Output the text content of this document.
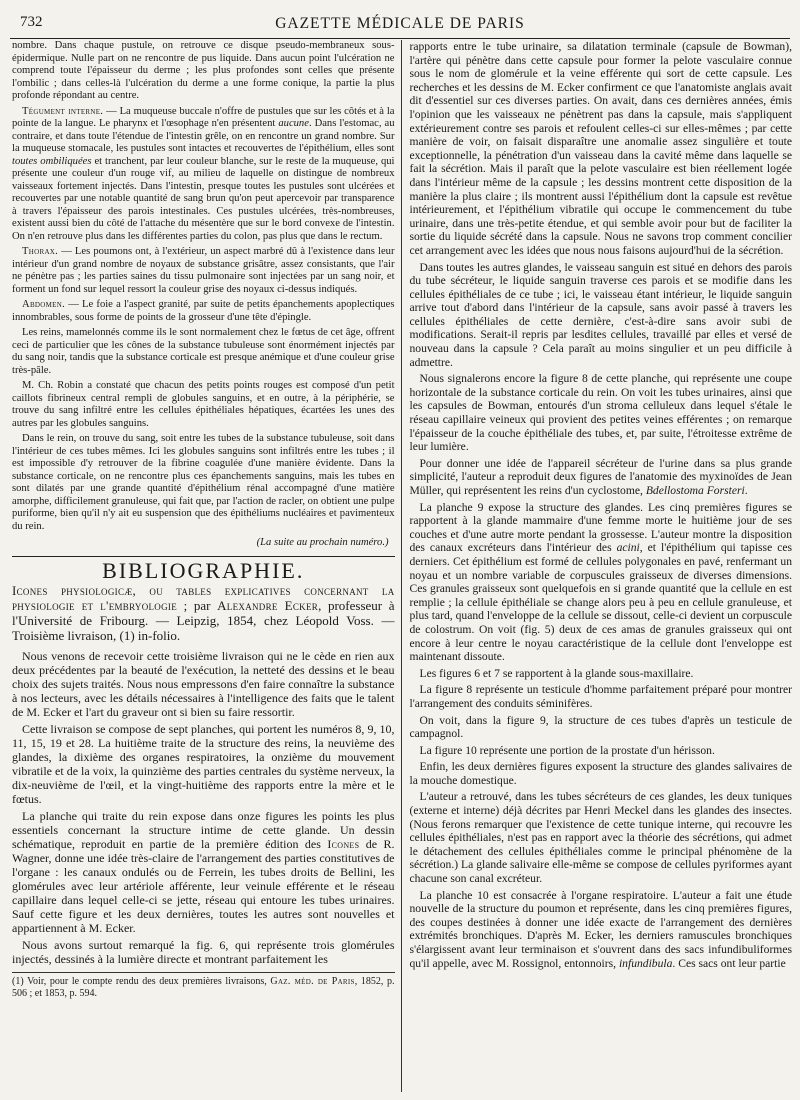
732	GAZETTE MÉDICALE DE PARIS

nombre. Dans chaque pustule, on retrouve ce disque pseudo-membraneux sous-épidermique. Nulle part on ne rencontre de pus liquide. Dans aucun point l'ulcération ne comprend toute l'épaisseur du derme ; les plus profondes sont celles que présente l'ombilic ; dans celles-là l'ulcération du derme a une forme conique, la partie la plus profonde répondant au centre.

Tégument interne. — La muqueuse buccale n'offre de pustules que sur les côtés et à la pointe de la langue. Le pharynx et l'œsophage n'en présentent aucune. Dans l'estomac, au contraire, et dans toute l'étendue de l'intestin grêle, on en rencontre un grand nombre. Sur la muqueuse stomacale, les pustules sont intactes et recouvertes de l'épithélium, elles sont toutes ombiliquées et tranchent, par leur couleur blanche, sur le reste de la muqueuse, qui présente une couleur d'un rouge vif, au milieu de laquelle on distingue de nombreux vaisseaux fortement injectés. Dans l'intestin, presque toutes les pustules sont ulcérées et recouvertes par une notable quantité de sang brun qu'on peut apercevoir par transparence à travers l'épaisseur des parois intestinales. Ces pustules ulcérées, très-nombreuses, existent aussi bien du côté de l'attache du mésentère que sur le bord convexe de l'intestin. On n'en retrouve plus dans les différentes parties du colon, pas plus que dans le rectum.

Thorax. — Les poumons ont, à l'extérieur, un aspect marbré dû à l'existence dans leur intérieur d'un grand nombre de noyaux de substance grisâtre, assez consistants, que l'air ne pénètre pas ; les parties saines du tissu pulmonaire sont injectées par un sang noir, et forment un fond sur lequel ressort la couleur grise des noyaux ci-dessus indiqués.

Abdomen. — Le foie a l'aspect granité, par suite de petits épanchements apoplectiques innombrables, sous forme de points de la grosseur d'une tête d'épingle.

Les reins, mamelonnés comme ils le sont normalement chez le fœtus de cet âge, offrent ceci de particulier que les cônes de la substance tubuleuse sont énormément injectés par du sang noir, tandis que la substance corticale est presque anémique et d'une couleur grise très-pâle.

M. Ch. Robin a constaté que chacun des petits points rouges est composé d'un petit caillots fibrineux central rempli de globules sanguins, et en outre, à la périphérie, se trouve du sang infiltré entre les cellules épithéliales hépatiques, écartées les unes des autres par les globules sanguins.

Dans le rein, on trouve du sang, soit entre les tubes de la substance tubuleuse, soit dans l'intérieur de ces tubes mêmes. Ici les globules sanguins sont infiltrés entre les tubes ; il est impossible d'y retrouver de la fibrine coagulée d'une manière évidente. Dans la substance corticale, on ne rencontre plus ces épanchements sanguins, mais les tubes en sont dilatés par une grande quantité d'épithélium rénal accompagné d'une matière amorphe, difficilement granuleuse, qui fait que, par l'action de racler, on obtient une pulpe puriforme, bien qu'il n'y ait eu suspension que des épithéliums nucléaires et pavimenteux du rein.

(La suite au prochain numéro.)
BIBLIOGRAPHIE.
Icones physiologicæ, ou tables explicatives concernant la physiologie et l'embryologie ; par Alexandre Ecker, professeur à l'Université de Fribourg. — Leipzig, 1854, chez Léopold Voss. — Troisième livraison, (1) in-folio.

Nous venons de recevoir cette troisième livraison qui ne le cède en rien aux deux précédentes par la beauté de l'exécution, la netteté des dessins et le beau choix des sujets traités. Nous nous empressons d'en faire connaître la substance à nos lecteurs, avec les détails nécessaires à l'intelligence des faits que le talent de M. Ecker et l'art du graveur ont si bien su faire ressortir.

Cette livraison se compose de sept planches, qui portent les numéros 8, 9, 10, 11, 15, 19 et 28. La huitième traite de la structure des reins, la neuvième des glandes, la dixième des organes respiratoires, la onzième du mouvement vibratile et de la voix, la quinzième des parties centrales du système nerveux, la dix-neuvième de l'œil, et la vingt-huitième des rapports entre la mère et le fœtus.

La planche qui traite du rein expose dans onze figures les points les plus essentiels concernant la structure intime de cette glande. Un dessin schématique, reproduit en partie de la première édition des Icones de R. Wagner, donne une idée très-claire de l'arrangement des parties constitutives de l'organe : les canaux ondulés ou de Ferrein, les tubes droits de Bellini, les glomérules avec leur artériole afférente, leur veinule efférente et le réseau capillaire dans lequel celle-ci se jette, réseau qui entoure les tubes urinaires. Sauf cette figure et les deux dernières, toutes les autres sont nouvelles et appartiennent à M. Ecker.

Nous avons surtout remarqué la fig. 6, qui représente trois glomérules injectés, dessinés à la lumière directe et montrant parfaitement les

(1) Voir, pour le compte rendu des deux premières livraisons, Gaz. méd. de Paris, 1852, p. 506 ; et 1853, p. 594.

rapports entre le tube urinaire, sa dilatation terminale (capsule de Bowman), l'artère qui pénètre dans cette capsule pour former la pelote vasculaire connue sous le nom de glomérule et la veine efférente qui sort de cette capsule. Les recherches et les dessins de M. Ecker confirment ce que l'anatomiste anglais avait dit d'essentiel sur ces diverses parties. On avait, dans ces dernières années, émis l'opinion que les vaisseaux ne pénètrent pas dans la capsule, mais s'appliquent extérieurement contre ses parois et refoulent celles-ci sur elles-mêmes ; par cette manière de voir, on faisait disparaître une anomalie assez singulière et toute exceptionnelle, la pénétration d'un vaisseau dans la cavité même dans laquelle se fait la sécrétion. Mais il paraît que la pelote vasculaire est bien réellement logée dans l'intérieur même de la capsule ; les dessins montrent cette disposition de la manière la plus claire ; ils montrent aussi l'épithélium dont la capsule est revêtue intérieurement, et l'épithélium vibratile qui occupe le commencement du tube urinaire, dans une très-petite étendue, et qui semble avoir pour but de faciliter la sortie du liquide sécrété dans la capsule. Nous ne savons trop comment concilier cet arrangement avec les idées que nous nous faisons aujourd'hui de la sécrétion.

Dans toutes les autres glandes, le vaisseau sanguin est situé en dehors des parois du tube sécréteur, le liquide sanguin traverse ces parois et se modifie dans les cellules épithéliales de ce tube ; ici, le vaisseau étant intérieur, le liquide sanguin arrive tout d'abord dans l'intérieur de la capsule, sans avoir passé à travers les cellules épithéliales de cette dernière, c'est-à-dire sans avoir subi de modifications. Serait-il repris par lesdites cellules, travaillé par elles et versé de nouveau dans la capsule ? Cela paraît au moins singulier et un peu difficile à admettre.

Nous signalerons encore la figure 8 de cette planche, qui représente une coupe horizontale de la substance corticale du rein. On voit les tubes urinaires, ainsi que les capsules de Bowman, entourés d'un stroma celluleux dans lequel s'étale le réseau capillaire veineux qui provient des petites veines efférentes ; on remarque l'épaisseur de la couche épithéliale des tubes, et, par suite, l'étroitesse extrême de leur lumière.

Pour donner une idée de l'appareil sécréteur de l'urine dans sa plus grande simplicité, l'auteur a reproduit deux figures de l'anatomie des myxinoïdes de Jean Müller, qui représentent les reins d'un cyclostome, Bdellostoma Forsteri.

La planche 9 expose la structure des glandes. Les cinq premières figures se rapportent à la glande mammaire d'une femme morte le huitième jour de ses couches et d'une autre morte pendant la grossesse. L'auteur montre la disposition des canaux excréteurs dans l'intérieur des acini, et l'épithélium qui tapisse ces derniers. Cet épithélium est formé de cellules polygonales en pavé, renfermant un noyau et un nombre variable de corpuscules graisseux de diverses dimensions. Ces granules graisseux sont quelquefois en si grande quantité que la cellule en est remplie ; la cellule épithéliale se change alors peu à peu en cellule granuleuse, et plus tard, quand l'enveloppe de la cellule se dissout, celle-ci devient un corpuscule de colostrum. On voit (fig. 5) deux de ces amas de granules graisseux qui ont encore à leur centre le noyau caractéristique de la cellule dont l'enveloppe est maintenant dissoute.

Les figures 6 et 7 se rapportent à la glande sous-maxillaire.

La figure 8 représente un testicule d'homme parfaitement préparé pour montrer l'arrangement des conduits séminifères.

On voit, dans la figure 9, la structure de ces tubes d'après un testicule de campagnol.

La figure 10 représente une portion de la prostate d'un hérisson.

Enfin, les deux dernières figures exposent la structure des glandes salivaires de la mouche domestique.

L'auteur a retrouvé, dans les tubes sécréteurs de ces glandes, les deux tuniques (externe et interne) déjà décrites par Henri Meckel dans les glandes des insectes. (Nous ferons remarquer que l'existence de cette tunique interne, qui recouvre les cellules épithéliales, n'est pas en rapport avec la théorie des sécrétions, qui admet le détachement des cellules épithéliales comme le principal phénomène de la sécrétion.) La glande salivaire elle-même se compose de cellules pyriformes ayant chacune son canal excréteur.

La planche 10 est consacrée à l'organe respiratoire. L'auteur a fait une étude nouvelle de la structure du poumon et représente, dans les cinq premières figures, des coupes destinées à donner une idée exacte de l'arrangement des dernières extrémités bronchiques. D'après M. Ecker, les derniers ramuscules bronchiques s'élargissent avant leur terminaison et s'ouvrent dans des sacs infundibuliformes qu'il appelle, avec M. Rossignol, entonnoirs, infundibula. Ces sacs ont leur partie
